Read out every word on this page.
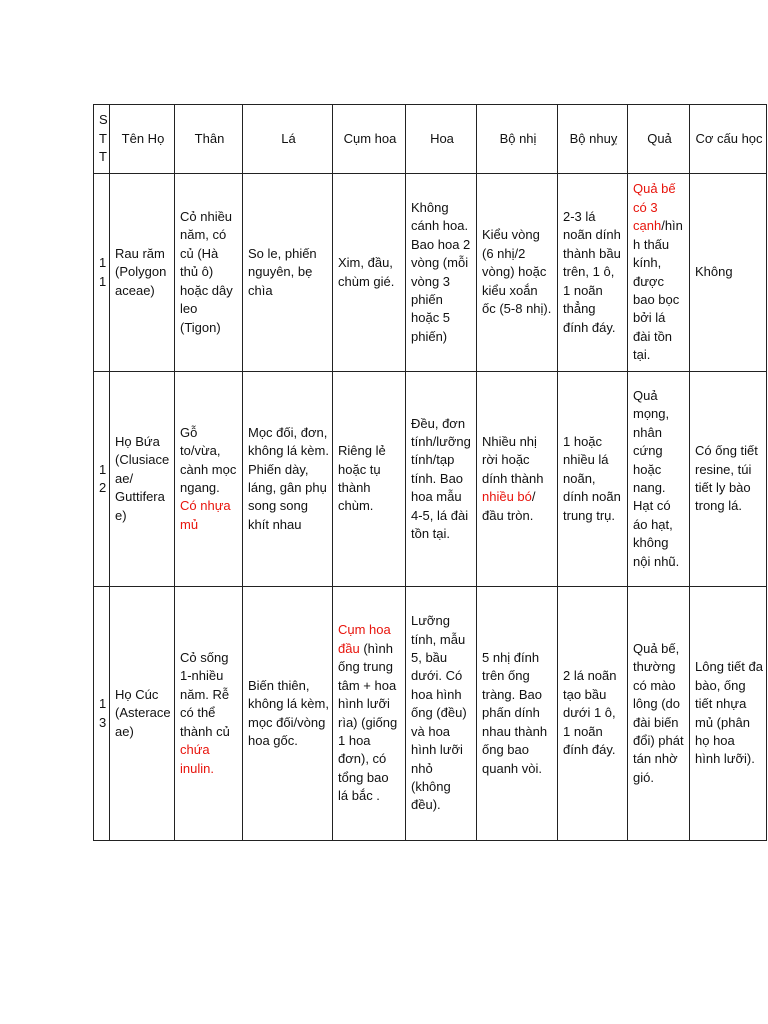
S
T
T	Tên Họ	Thân	Lá	Cụm hoa	Hoa	Bộ nhị	Bộ nhuỵ	Quả	Cơ cấu học
11	Rau răm (Polygonaceae)	Cỏ nhiều năm, có củ (Hà thủ ô) hoặc dây leo (Tigon)	So le, phiến nguyên, bẹ chìa	Xim, đầu, chùm gié.	Không cánh hoa. Bao hoa 2 vòng (mỗi vòng 3 phiến hoặc 5 phiến)	Kiểu vòng (6 nhị/2 vòng) hoặc kiểu xoắn ốc (5-8 nhị).	2-3 lá noãn dính thành bầu trên, 1 ô, 1 noãn thẳng đính đáy.	Quả bế có 3 cạnh/hình thấu kính, được bao bọc bởi lá đài tồn tại.	Không
12	Họ Bứa (Clusiaceae/ Guttiferae)	Gỗ to/vừa, cành mọc ngang. Có nhựa mủ	Mọc đối, đơn, không lá kèm. Phiến dày, láng, gân phụ song song khít nhau	Riêng lẻ hoặc tụ thành chùm.	Đều, đơn tính/lưỡng tính/tạp tính. Bao hoa mẫu 4-5, lá đài tồn tại.	Nhiều nhị rời hoặc dính thành nhiều bó/đầu tròn.	1 hoặc nhiều lá noãn, dính noãn trung trụ.	Quả mọng, nhân cứng hoặc nang. Hạt có áo hạt, không nội nhũ.	Có ống tiết resine, túi tiết ly bào trong lá.
13	Họ Cúc (Asteraceae)	Cỏ sống 1-nhiều năm. Rễ có thể thành củ chứa inulin.	Biến thiên, không lá kèm, mọc đối/vòng hoa gốc.	Cụm hoa đầu (hình ống trung tâm + hoa hình lưỡi rìa) (giống 1 hoa đơn), có tổng bao lá bắc .	Lưỡng tính, mẫu 5, bầu dưới. Có hoa hình ống (đều) và hoa hình lưỡi nhỏ (không đều).	5 nhị đính trên ống tràng. Bao phấn dính nhau thành ống bao quanh vòi.	2 lá noãn tạo bầu dưới 1 ô, 1 noãn đính đáy.	Quả bế, thường có mào lông (do đài biến đổi) phát tán nhờ gió.	Lông tiết đa bào, ống tiết nhựa mủ (phân họ hoa hình lưỡi).
